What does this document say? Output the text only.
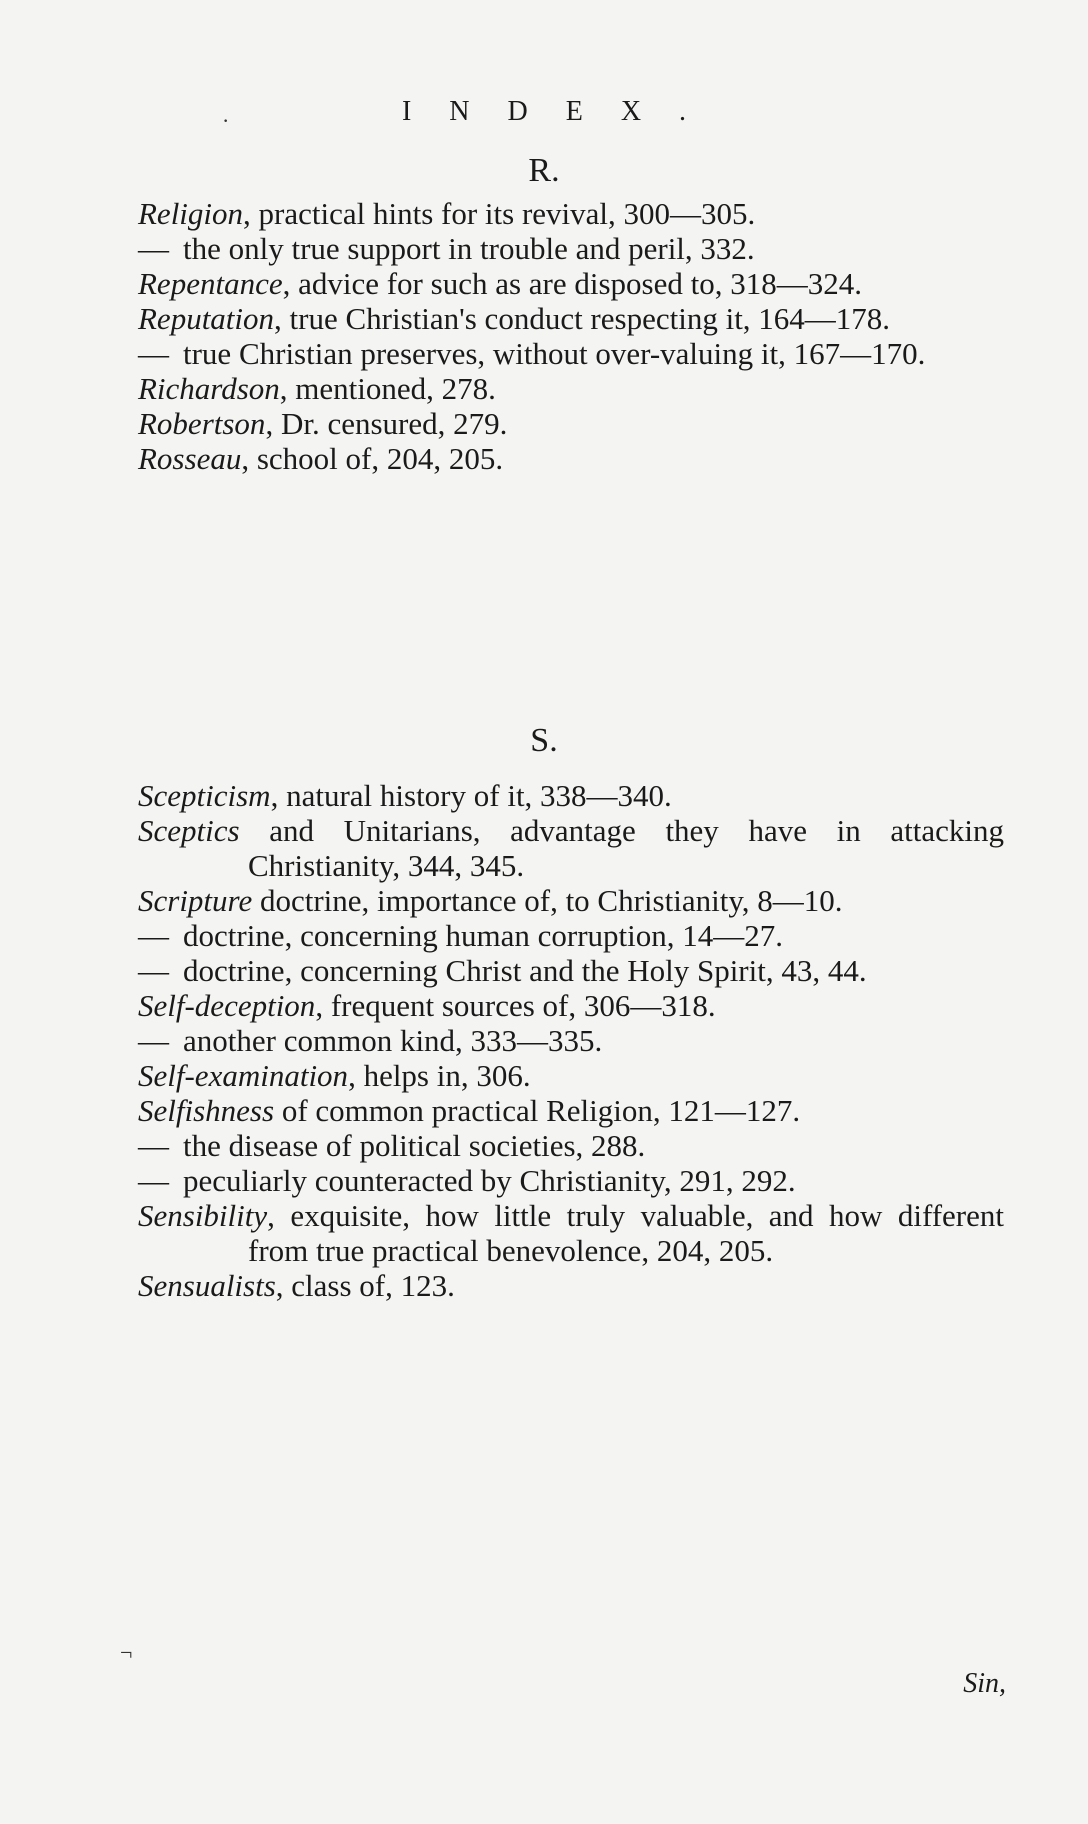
INDEX.
R.

Religion, practical hints for its revival, 300—305.

— the only true support in trouble and peril, 332.

Repentance, advice for such as are disposed to, 318—324.

Reputation, true Christian's conduct respecting it, 164—178.

— true Christian preserves, without over-valuing it, 167—170.

Richardson, mentioned, 278.

Robertson, Dr. censured, 279.

Rosseau, school of, 204, 205.

S.

Scepticism, natural history of it, 338—340.

Sceptics and Unitarians, advantage they have in attacking Christianity, 344, 345.

Scripture doctrine, importance of, to Christianity, 8—10.

— doctrine, concerning human corruption, 14—27.

— doctrine, concerning Christ and the Holy Spirit, 43, 44.

Self-deception, frequent sources of, 306—318.

— another common kind, 333—335.

Self-examination, helps in, 306.

Selfishness of common practical Religion, 121—127.

— the disease of political societies, 288.

— peculiarly counteracted by Christianity, 291, 292.

Sensibility, exquisite, how little truly valuable, and how different from true practical benevolence, 204, 205.

Sensualists, class of, 123.

Sin,
·
¬
